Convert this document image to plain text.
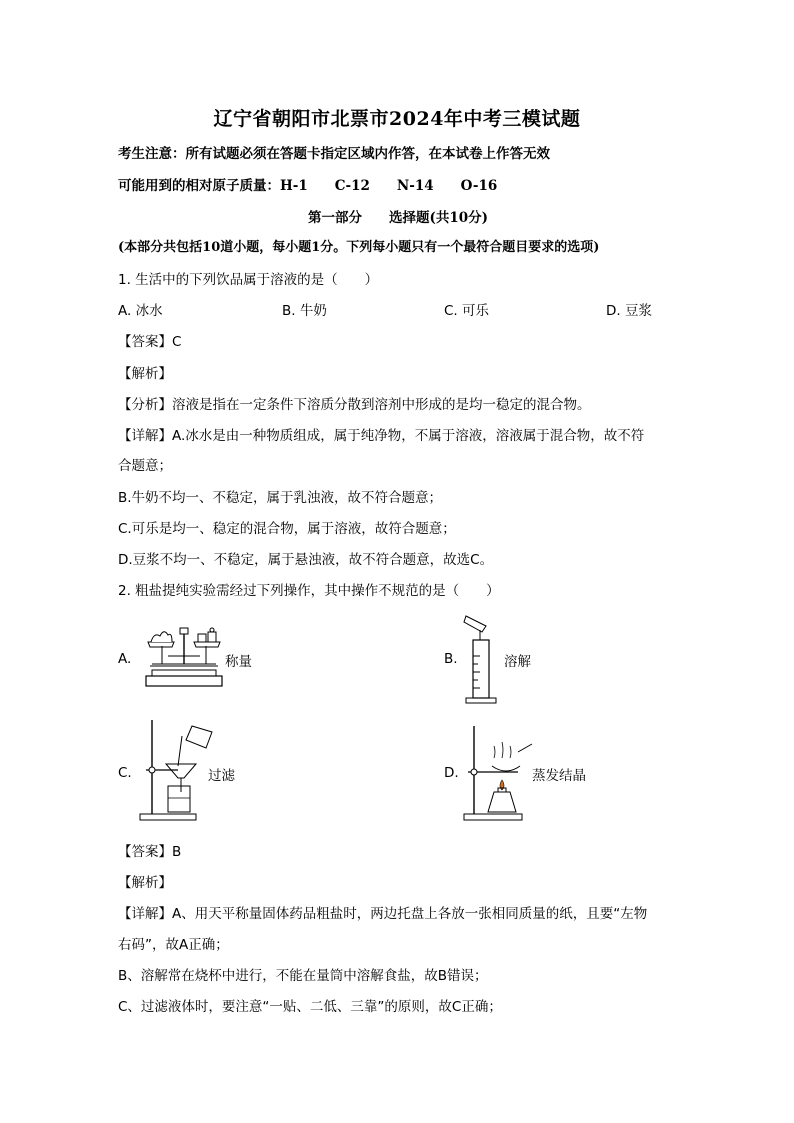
辽宁省朝阳市北票市2024年中考三模试题
考生注意：所有试题必须在答题卡指定区域内作答，在本试卷上作答无效
可能用到的相对原子质量：H-1　　C-12　　N-14　　O-16
第一部分　　选择题(共10分)
(本部分共包括10道小题，每小题1分。下列每小题只有一个最符合题目要求的选项)
1. 生活中的下列饮品属于溶液的是（　　）
A. 冰水	B. 牛奶	C. 可乐	D. 豆浆
【答案】C
【解析】
【分析】溶液是指在一定条件下溶质分散到溶剂中形成的是均一稳定的混合物。
【详解】A.冰水是由一种物质组成，属于纯净物，不属于溶液，溶液属于混合物，故不符
合题意；
B.牛奶不均一、不稳定，属于乳浊液，故不符合题意；
C.可乐是均一、稳定的混合物，属于溶液，故符合题意；
D.豆浆不均一、不稳定，属于悬浊液，故不符合题意，故选C。
2. 粗盐提纯实验需经过下列操作，其中操作不规范的是（　　）
A.	称量	B.	溶解
C.	过滤	D.	蒸发结晶
【答案】B
【解析】
【详解】A、用天平称量固体药品粗盐时，两边托盘上各放一张相同质量的纸，且要“左物
右码”，故A正确；
B、溶解常在烧杯中进行，不能在量筒中溶解食盐，故B错误；
C、过滤液体时，要注意“一贴、二低、三靠”的原则，故C正确；
